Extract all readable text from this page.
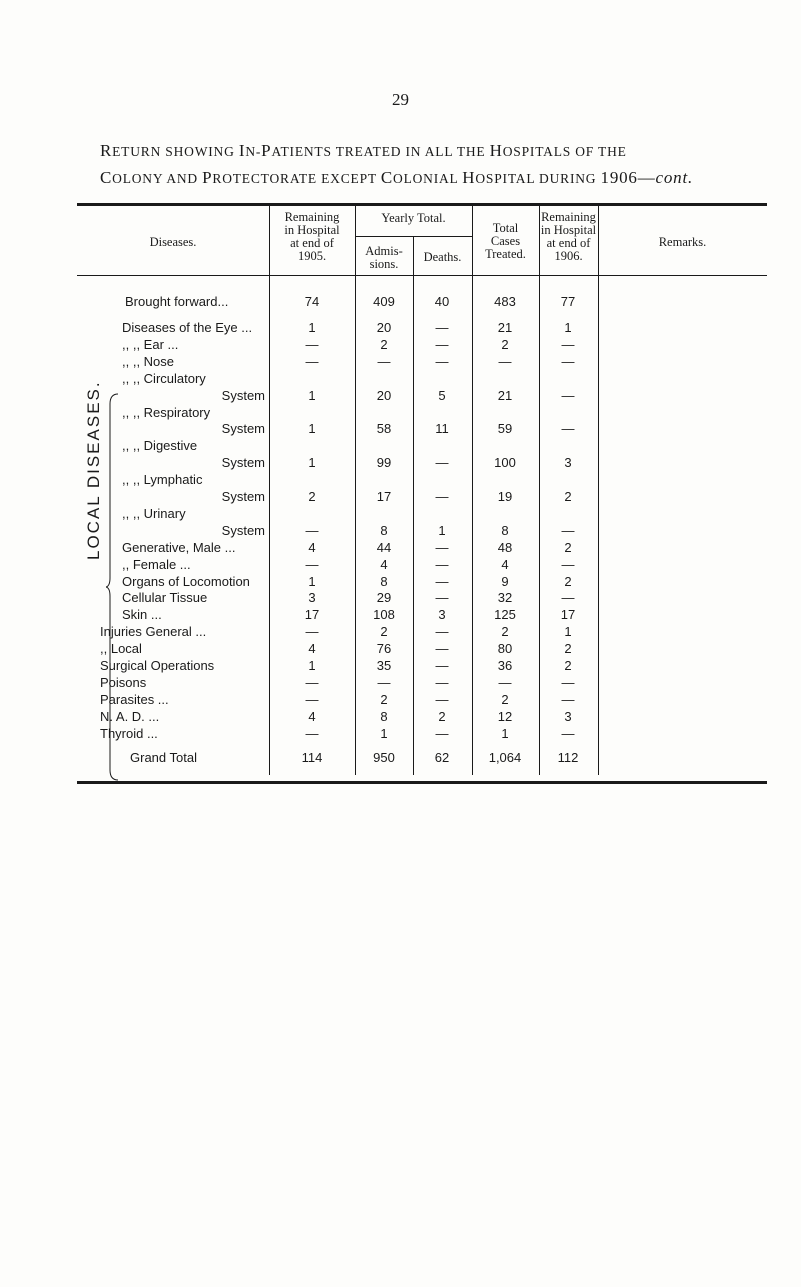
29
RETURN SHOWING IN-PATIENTS TREATED IN ALL THE HOSPITALS OF THE
COLONY AND PROTECTORATE EXCEPT COLONIAL HOSPITAL DURING 1906—cont.
Diseases.
Remaining
in Hospital
at end of
1905.
Yearly Total.
Admis-
sions.	Deaths.
Total
Cases
Treated.
Remaining
in Hospital
at end of
1906.
Remarks.
LOCAL DISEASES.
Brought forward...	74	409	40	483	77
Diseases of the Eye ...	1	20	—	21	1
,, ,, Ear ...	—	2	—	2	—
,, ,, Nose	—	—	—	—	—
,, ,, Circulatory
System	1	20	5	21	—
,, ,, Respiratory
System	1	58	11	59	—
,, ,, Digestive
System	1	99	—	100	3
,, ,, Lymphatic
System	2	17	—	19	2
,, ,, Urinary
System	—	8	1	8	—
Generative, Male ...	4	44	—	48	2
,, Female ...	—	4	—	4	—
Organs of Locomotion	1	8	—	9	2
Cellular Tissue	3	29	—	32	—
Skin ...	17	108	3	125	17
Injuries General ...	—	2	—	2	1
,, Local	4	76	—	80	2
Surgical Operations	1	35	—	36	2
Poisons	—	—	—	—	—
Parasites ...	—	2	—	2	—
N. A. D. ...	4	8	2	12	3
Thyroid ...	—	1	—	1	—
Grand Total	114	950	62	1,064	112
